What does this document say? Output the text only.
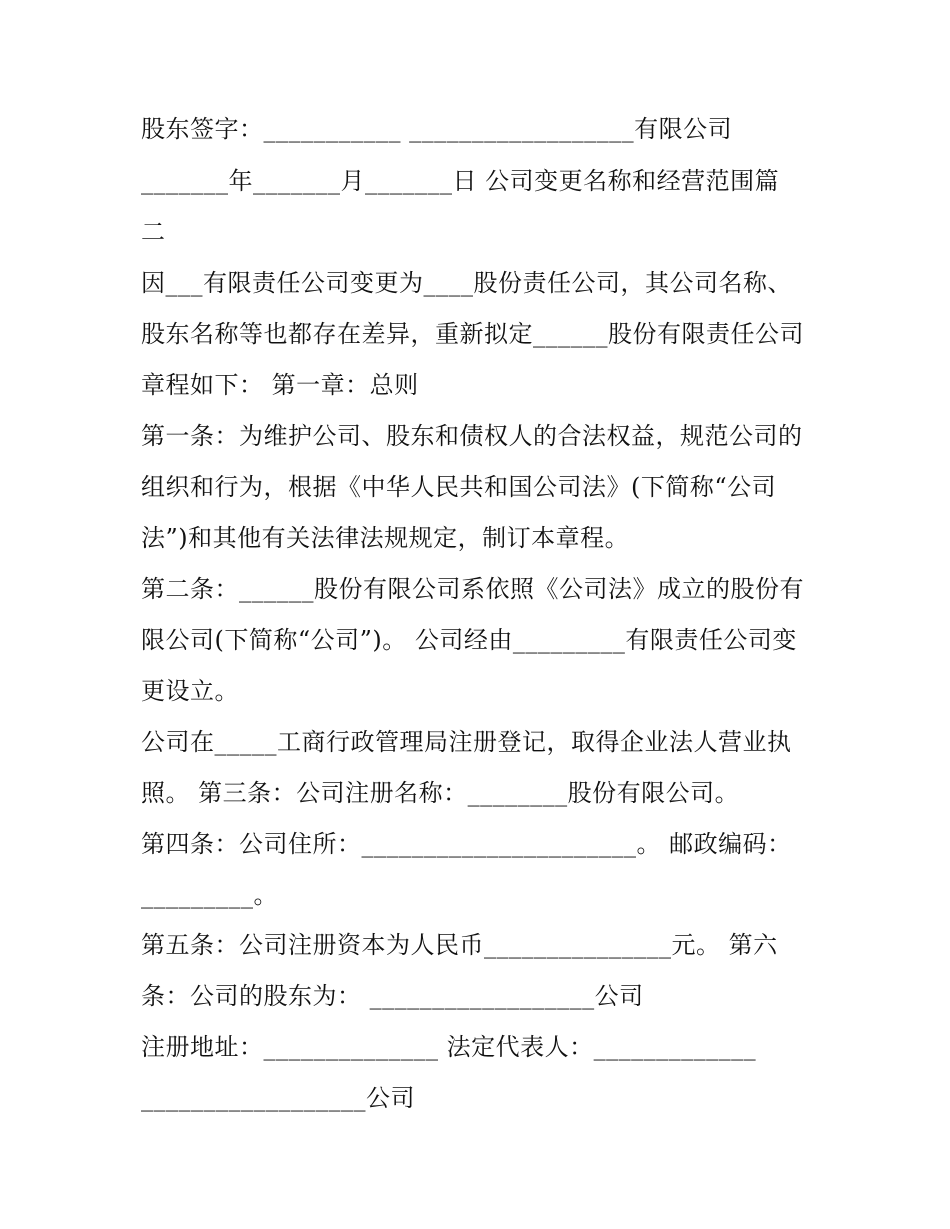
股东签字：___________ __________________有限公司
_______年_______月_______日 公司变更名称和经营范围篇
二
因___有限责任公司变更为____股份责任公司，其公司名称、
股东名称等也都存在差异，重新拟定______股份有限责任公司
章程如下： 第一章：总则
第一条：为维护公司、股东和债权人的合法权益，规范公司的
组织和行为，根据《中华人民共和国公司法》(下简称“公司
法”)和其他有关法律法规规定，制订本章程。
第二条：______股份有限公司系依照《公司法》成立的股份有
限公司(下简称“公司”)。 公司经由_________有限责任公司变
更设立。
公司在_____工商行政管理局注册登记，取得企业法人营业执
照。 第三条：公司注册名称：________股份有限公司。
第四条：公司住所：______________________。 邮政编码：
_________。
第五条：公司注册资本为人民币_______________元。 第六
条：公司的股东为： __________________公司
注册地址：______________ 法定代表人：_____________
__________________公司
